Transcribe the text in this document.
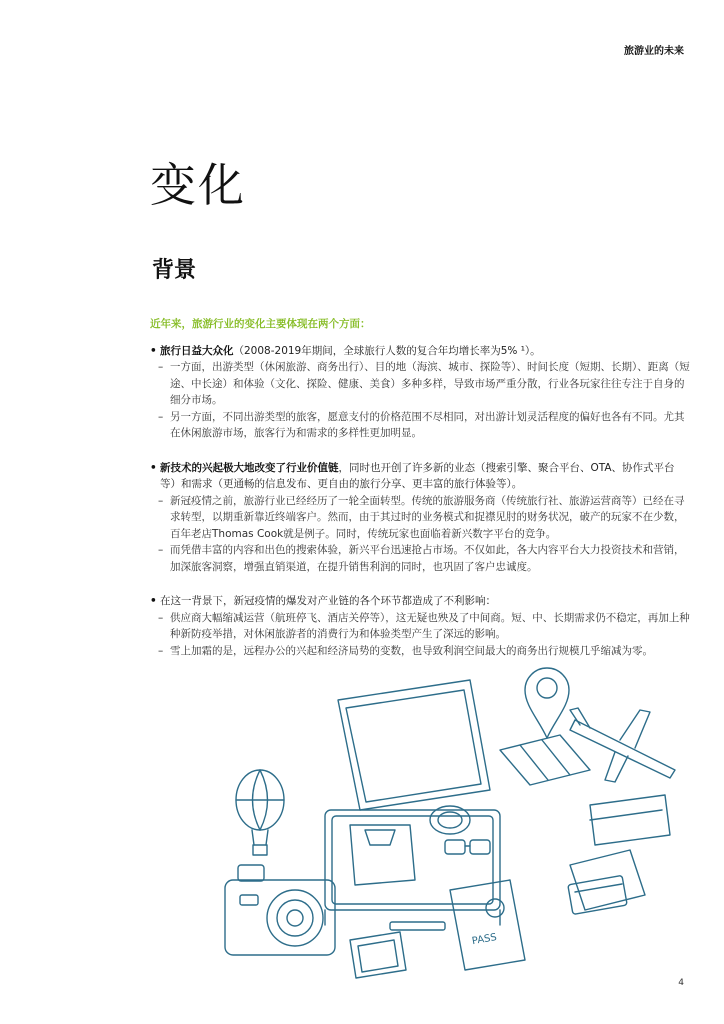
旅游业的未来
变化
背景

近年来，旅游行业的变化主要体现在两个方面：

• 旅行日益大众化（2008-2019年期间，全球旅行人数的复合年均增长率为5% ¹）。

– 一方面，出游类型（休闲旅游、商务出行）、目的地（海滨、城市、探险等）、时间长度（短期、长期）、距离（短途、中长途）和体验（文化、探险、健康、美食）多种多样，导致市场严重分散，行业各玩家往往专注于自身的细分市场。

– 另一方面，不同出游类型的旅客，愿意支付的价格范围不尽相同，对出游计划灵活程度的偏好也各有不同。尤其在休闲旅游市场，旅客行为和需求的多样性更加明显。

• 新技术的兴起极大地改变了行业价值链，同时也开创了许多新的业态（搜索引擎、聚合平台、OTA、协作式平台等）和需求（更通畅的信息发布、更自由的旅行分享、更丰富的旅行体验等）。

– 新冠疫情之前，旅游行业已经经历了一轮全面转型。传统的旅游服务商（传统旅行社、旅游运营商等）已经在寻求转型，以期重新靠近终端客户。然而，由于其过时的业务模式和捉襟见肘的财务状况，破产的玩家不在少数，百年老店Thomas Cook就是例子。同时，传统玩家也面临着新兴数字平台的竞争。

– 而凭借丰富的内容和出色的搜索体验，新兴平台迅速抢占市场。不仅如此，各大内容平台大力投资技术和营销，加深旅客洞察，增强直销渠道，在提升销售利润的同时，也巩固了客户忠诚度。

• 在这一背景下，新冠疫情的爆发对产业链的各个环节都造成了不利影响：

– 供应商大幅缩减运营（航班停飞、酒店关停等），这无疑也殃及了中间商。短、中、长期需求仍不稳定，再加上种种新防疫举措，对休闲旅游者的消费行为和体验类型产生了深远的影响。

– 雪上加霜的是，远程办公的兴起和经济局势的变数，也导致利润空间最大的商务出行规模几乎缩减为零。

PASS
4
